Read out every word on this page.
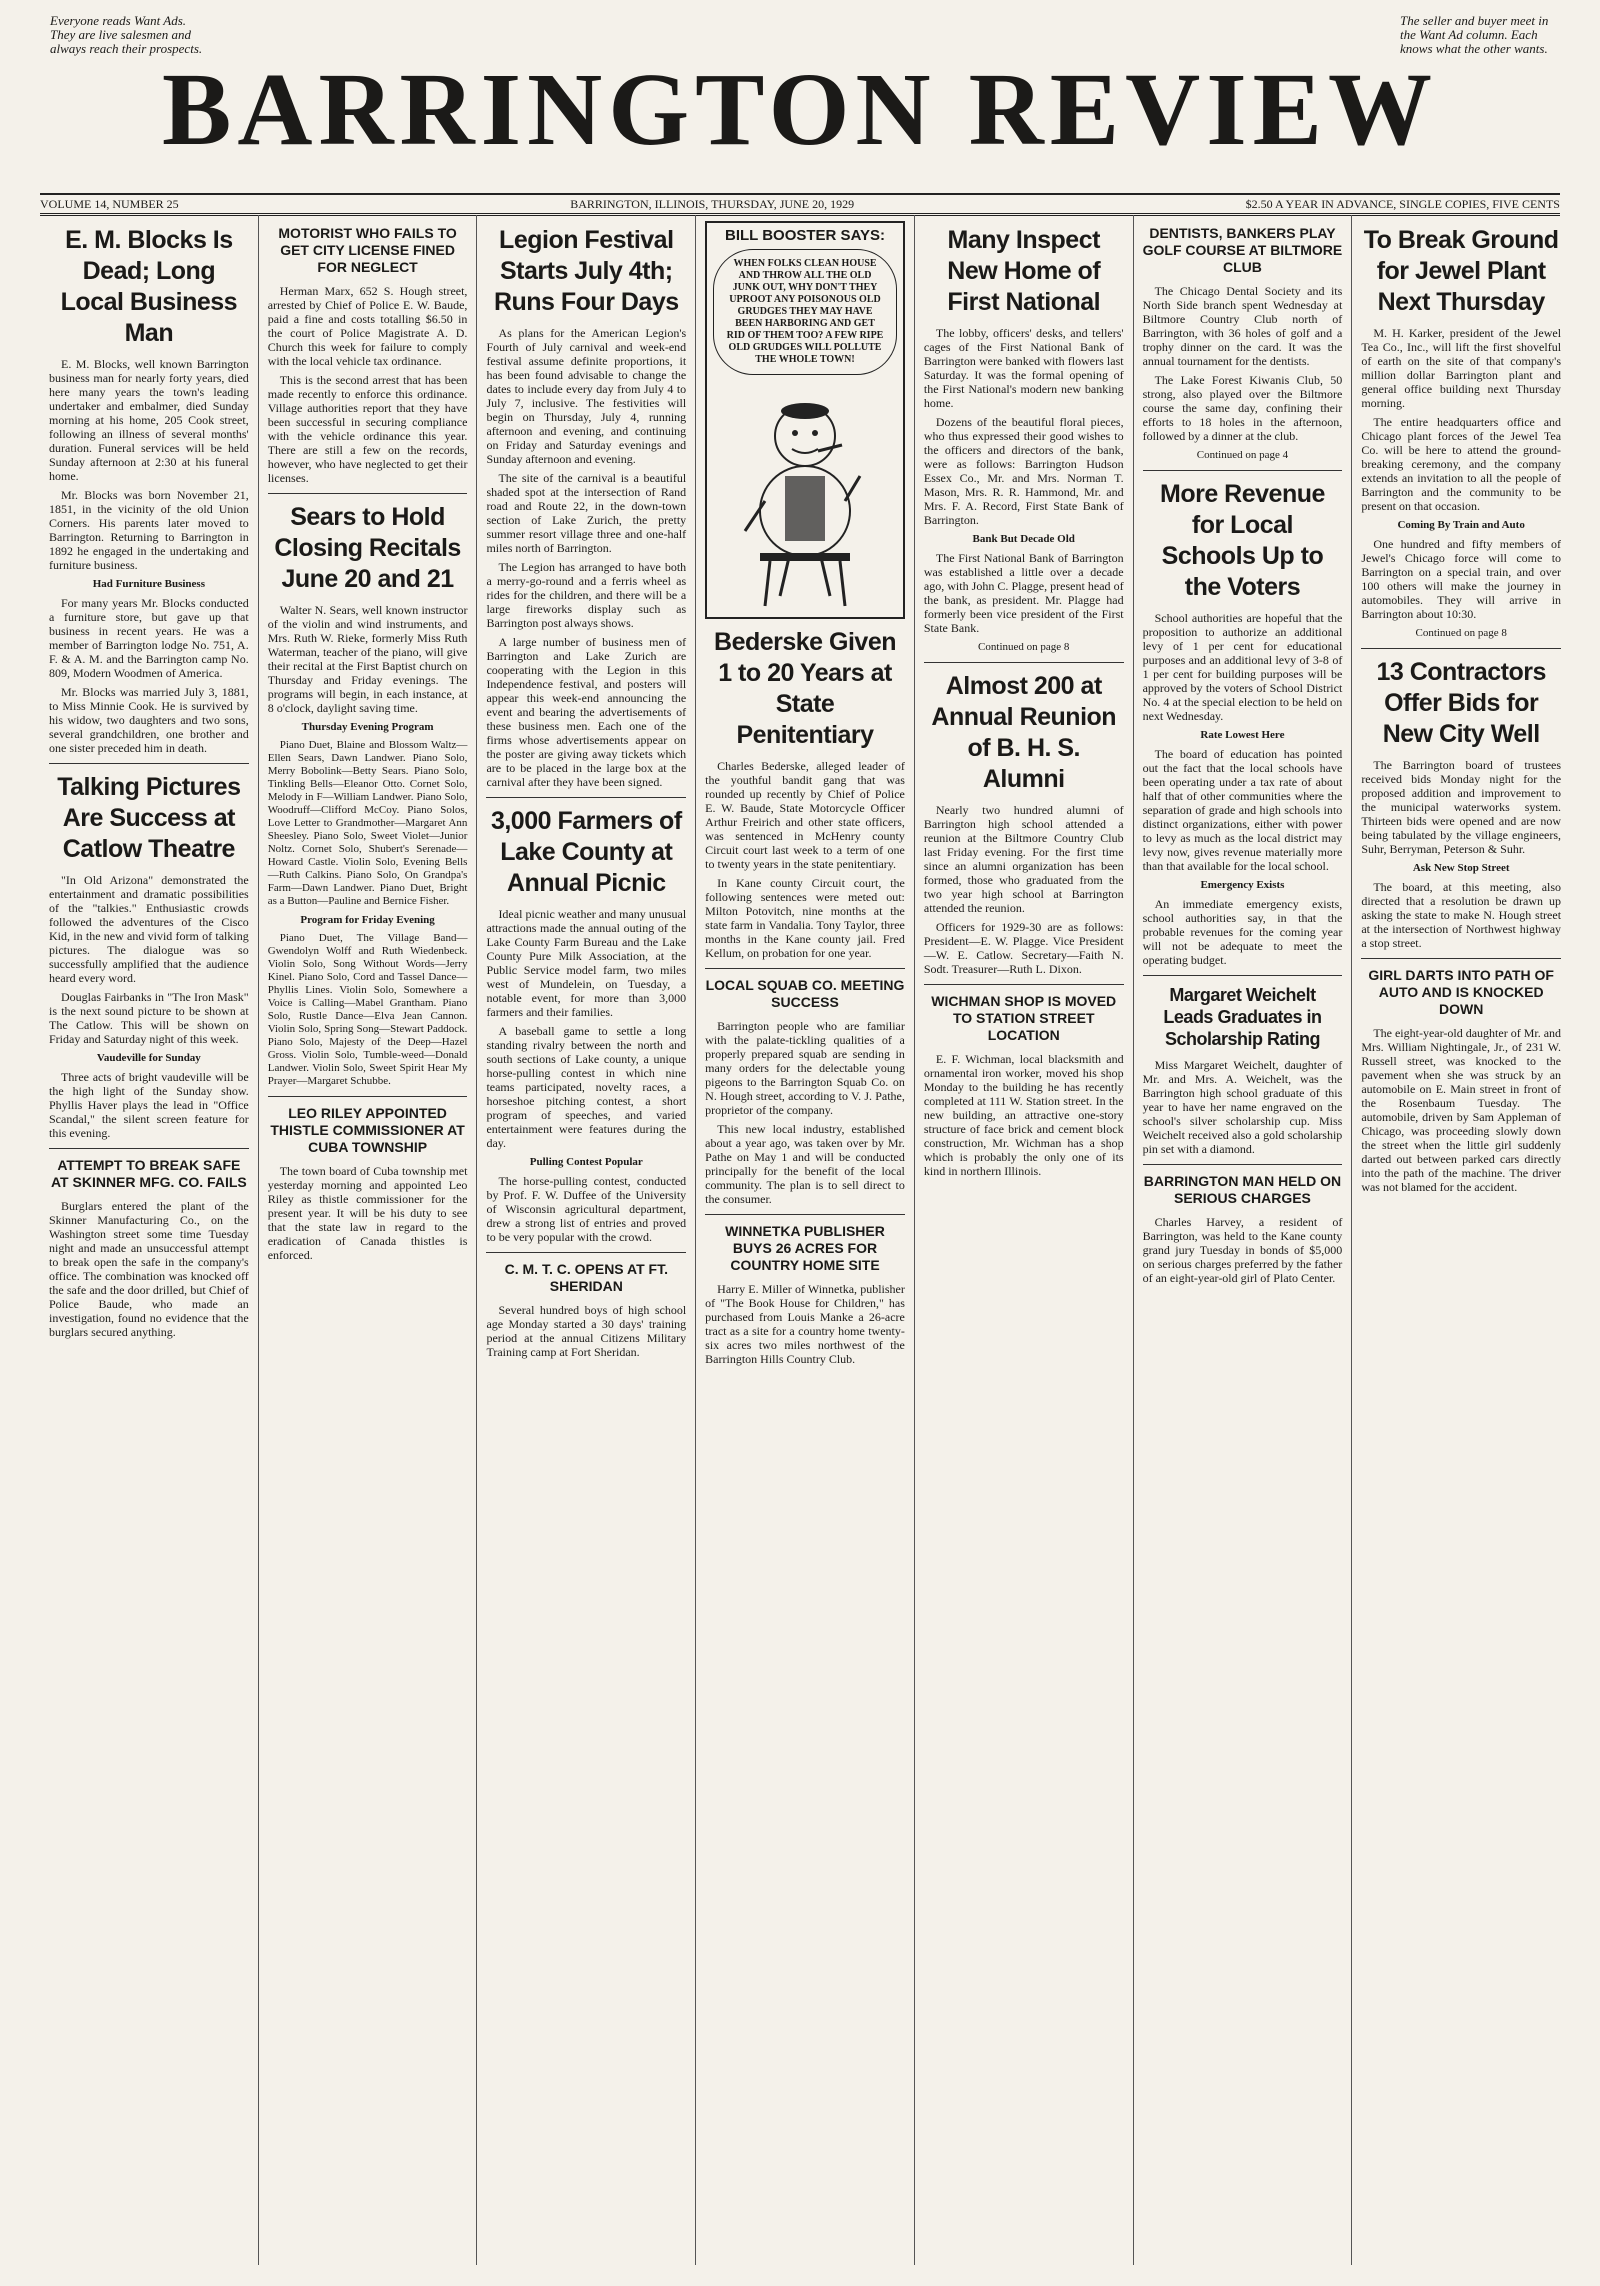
Everyone reads Want Ads. They are live salesmen and always reach their prospects.
BARRINGTON REVIEW
The seller and buyer meet in the Want Ad column. Each knows what the other wants.
VOLUME 14, NUMBER 25	BARRINGTON, ILLINOIS, THURSDAY, JUNE 20, 1929	$2.50 A YEAR IN ADVANCE, SINGLE COPIES, FIVE CENTS
E. M. Blocks Is Dead; Long Local Business Man

E. M. Blocks, well known Barrington business man for nearly forty years, died here many years the town's leading undertaker and embalmer, died Sunday morning at his home, 205 Cook street, following an illness of several months' duration. Funeral services will be held Sunday afternoon at 2:30 at his funeral home.

Mr. Blocks was born November 21, 1851, in the vicinity of the old Union Corners. His parents later moved to Barrington. Returning to Barrington in 1892 he engaged in the undertaking and furniture business.

Had Furniture Business

For many years Mr. Blocks conducted a furniture store, but gave up that business in recent years. He was a member of Barrington lodge No. 751, A. F. & A. M. and the Barrington camp No. 809, Modern Woodmen of America.

Mr. Blocks was married July 3, 1881, to Miss Minnie Cook. He is survived by his widow, two daughters and two sons, several grandchildren, one brother and one sister preceded him in death.

Talking Pictures Are Success at Catlow Theatre

"In Old Arizona" demonstrated the entertainment and dramatic possibilities of the "talkies." Enthusiastic crowds followed the adventures of the Cisco Kid, in the new and vivid form of talking pictures. The dialogue was so successfully amplified that the audience heard every word.

Douglas Fairbanks in "The Iron Mask" is the next sound picture to be shown at The Catlow. This will be shown on Friday and Saturday night of this week.

Vaudeville for Sunday

Three acts of bright vaudeville will be the high light of the Sunday show. Phyllis Haver plays the lead in "Office Scandal," the silent screen feature for this evening.

ATTEMPT TO BREAK SAFE AT SKINNER MFG. CO. FAILS

Burglars entered the plant of the Skinner Manufacturing Co., on the Washington street some time Tuesday night and made an unsuccessful attempt to break open the safe in the company's office. The combination was knocked off the safe and the door drilled, but Chief of Police Baude, who made an investigation, found no evidence that the burglars secured anything.

MOTORIST WHO FAILS TO GET CITY LICENSE FINED FOR NEGLECT

Herman Marx, 652 S. Hough street, arrested by Chief of Police E. W. Baude, paid a fine and costs totalling $6.50 in the court of Police Magistrate A. D. Church this week for failure to comply with the local vehicle tax ordinance.

This is the second arrest that has been made recently to enforce this ordinance. Village authorities report that they have been successful in securing compliance with the vehicle ordinance this year. There are still a few on the records, however, who have neglected to get their licenses.

Sears to Hold Closing Recitals June 20 and 21

Walter N. Sears, well known instructor of the violin and wind instruments, and Mrs. Ruth W. Rieke, formerly Miss Ruth Waterman, teacher of the piano, will give their recital at the First Baptist church on Thursday and Friday evenings. The programs will begin, in each instance, at 8 o'clock, daylight saving time.

Thursday Evening Program

Piano Duet, Blaine and Blossom Waltz—Ellen Sears, Dawn Landwer. Piano Solo, Merry Bobolink—Betty Sears. Piano Solo, Tinkling Bells—Eleanor Otto. Cornet Solo, Melody in F—William Landwer. Piano Solo, Woodruff—Clifford McCoy. Piano Solos, Love Letter to Grandmother—Margaret Ann Sheesley. Piano Solo, Sweet Violet—Junior Noltz. Cornet Solo, Shubert's Serenade—Howard Castle. Violin Solo, Evening Bells—Ruth Calkins. Piano Solo, On Grandpa's Farm—Dawn Landwer. Piano Duet, Bright as a Button—Pauline and Bernice Fisher.

Program for Friday Evening

Piano Duet, The Village Band—Gwendolyn Wolff and Ruth Wiedenbeck. Violin Solo, Song Without Words—Jerry Kinel. Piano Solo, Cord and Tassel Dance—Phyllis Lines. Violin Solo, Somewhere a Voice is Calling—Mabel Grantham. Piano Solo, Rustle Dance—Elva Jean Cannon. Violin Solo, Spring Song—Stewart Paddock. Piano Solo, Majesty of the Deep—Hazel Gross. Violin Solo, Tumble-weed—Donald Landwer. Violin Solo, Sweet Spirit Hear My Prayer—Margaret Schubbe.

LEO RILEY APPOINTED THISTLE COMMISSIONER AT CUBA TOWNSHIP

The town board of Cuba township met yesterday morning and appointed Leo Riley as thistle commissioner for the present year. It will be his duty to see that the state law in regard to the eradication of Canada thistles is enforced.

Legion Festival Starts July 4th; Runs Four Days

As plans for the American Legion's Fourth of July carnival and week-end festival assume definite proportions, it has been found advisable to change the dates to include every day from July 4 to July 7, inclusive. The festivities will begin on Thursday, July 4, running afternoon and evening, and continuing on Friday and Saturday evenings and Sunday afternoon and evening.

The site of the carnival is a beautiful shaded spot at the intersection of Rand road and Route 22, in the down-town section of Lake Zurich, the pretty summer resort village three and one-half miles north of Barrington.

The Legion has arranged to have both a merry-go-round and a ferris wheel as rides for the children, and there will be a large fireworks display such as Barrington post always shows.

A large number of business men of Barrington and Lake Zurich are cooperating with the Legion in this Independence festival, and posters will appear this week-end announcing the event and bearing the advertisements of these business men. Each one of the firms whose advertisements appear on the poster are giving away tickets which are to be placed in the large box at the carnival after they have been signed.

3,000 Farmers of Lake County at Annual Picnic

Ideal picnic weather and many unusual attractions made the annual outing of the Lake County Farm Bureau and the Lake County Pure Milk Association, at the Public Service model farm, two miles west of Mundelein, on Tuesday, a notable event, for more than 3,000 farmers and their families.

A baseball game to settle a long standing rivalry between the north and south sections of Lake county, a unique horse-pulling contest in which nine teams participated, novelty races, a horseshoe pitching contest, a short program of speeches, and varied entertainment were features during the day.

Pulling Contest Popular

The horse-pulling contest, conducted by Prof. F. W. Duffee of the University of Wisconsin agricultural department, drew a strong list of entries and proved to be very popular with the crowd.

C. M. T. C. OPENS AT FT. SHERIDAN

Several hundred boys of high school age Monday started a 30 days' training period at the annual Citizens Military Training camp at Fort Sheridan.

BILL BOOSTER SAYS:
WHEN FOLKS CLEAN HOUSE AND THROW ALL THE OLD JUNK OUT, WHY DON'T THEY UPROOT ANY POISONOUS OLD GRUDGES THEY MAY HAVE BEEN HARBORING AND GET RID OF THEM TOO? A FEW RIPE OLD GRUDGES WILL POLLUTE THE WHOLE TOWN!
Bederske Given 1 to 20 Years at State Penitentiary

Charles Bederske, alleged leader of the youthful bandit gang that was rounded up recently by Chief of Police E. W. Baude, State Motorcycle Officer Arthur Freirich and other state officers, was sentenced in McHenry county Circuit court last week to a term of one to twenty years in the state penitentiary.

In Kane county Circuit court, the following sentences were meted out: Milton Potovitch, nine months at the state farm in Vandalia. Tony Taylor, three months in the Kane county jail. Fred Kellum, on probation for one year.

LOCAL SQUAB CO. MEETING SUCCESS

Barrington people who are familiar with the palate-tickling qualities of a properly prepared squab are sending in many orders for the delectable young pigeons to the Barrington Squab Co. on N. Hough street, according to V. J. Pathe, proprietor of the company.

This new local industry, established about a year ago, was taken over by Mr. Pathe on May 1 and will be conducted principally for the benefit of the local community. The plan is to sell direct to the consumer.

WINNETKA PUBLISHER BUYS 26 ACRES FOR COUNTRY HOME SITE

Harry E. Miller of Winnetka, publisher of "The Book House for Children," has purchased from Louis Manke a 26-acre tract as a site for a country home twenty-six acres two miles northwest of the Barrington Hills Country Club.

Many Inspect New Home of First National

The lobby, officers' desks, and tellers' cages of the First National Bank of Barrington were banked with flowers last Saturday. It was the formal opening of the First National's modern new banking home.

Dozens of the beautiful floral pieces, who thus expressed their good wishes to the officers and directors of the bank, were as follows: Barrington Hudson Essex Co., Mr. and Mrs. Norman T. Mason, Mrs. R. R. Hammond, Mr. and Mrs. F. A. Record, First State Bank of Barrington.

Bank But Decade Old

The First National Bank of Barrington was established a little over a decade ago, with John C. Plagge, present head of the bank, as president. Mr. Plagge had formerly been vice president of the First State Bank.

Continued on page 8
Almost 200 at Annual Reunion of B. H. S. Alumni

Nearly two hundred alumni of Barrington high school attended a reunion at the Biltmore Country Club last Friday evening. For the first time since an alumni organization has been formed, those who graduated from the two year high school at Barrington attended the reunion.

Officers for 1929-30 are as follows: President—E. W. Plagge. Vice President—W. E. Catlow. Secretary—Faith N. Sodt. Treasurer—Ruth L. Dixon.

WICHMAN SHOP IS MOVED TO STATION STREET LOCATION

E. F. Wichman, local blacksmith and ornamental iron worker, moved his shop Monday to the building he has recently completed at 111 W. Station street. In the new building, an attractive one-story structure of face brick and cement block construction, Mr. Wichman has a shop which is probably the only one of its kind in northern Illinois.

DENTISTS, BANKERS PLAY GOLF COURSE AT BILTMORE CLUB

The Chicago Dental Society and its North Side branch spent Wednesday at Biltmore Country Club north of Barrington, with 36 holes of golf and a trophy dinner on the card. It was the annual tournament for the dentists.

The Lake Forest Kiwanis Club, 50 strong, also played over the Biltmore course the same day, confining their efforts to 18 holes in the afternoon, followed by a dinner at the club.

Continued on page 4
More Revenue for Local Schools Up to the Voters

School authorities are hopeful that the proposition to authorize an additional levy of 1 per cent for educational purposes and an additional levy of 3-8 of 1 per cent for building purposes will be approved by the voters of School District No. 4 at the special election to be held on next Wednesday.

Rate Lowest Here

The board of education has pointed out the fact that the local schools have been operating under a tax rate of about half that of other communities where the separation of grade and high schools into distinct organizations, either with power to levy as much as the local district may levy now, gives revenue materially more than that available for the local school.

Emergency Exists

An immediate emergency exists, school authorities say, in that the probable revenues for the coming year will not be adequate to meet the operating budget.

Margaret Weichelt Leads Graduates in Scholarship Rating

Miss Margaret Weichelt, daughter of Mr. and Mrs. A. Weichelt, was the Barrington high school graduate of this year to have her name engraved on the school's silver scholarship cup. Miss Weichelt received also a gold scholarship pin set with a diamond.

BARRINGTON MAN HELD ON SERIOUS CHARGES

Charles Harvey, a resident of Barrington, was held to the Kane county grand jury Tuesday in bonds of $5,000 on serious charges preferred by the father of an eight-year-old girl of Plato Center.

To Break Ground for Jewel Plant Next Thursday

M. H. Karker, president of the Jewel Tea Co., Inc., will lift the first shovelful of earth on the site of that company's million dollar Barrington plant and general office building next Thursday morning.

The entire headquarters office and Chicago plant forces of the Jewel Tea Co. will be here to attend the ground-breaking ceremony, and the company extends an invitation to all the people of Barrington and the community to be present on that occasion.

Coming By Train and Auto

One hundred and fifty members of Jewel's Chicago force will come to Barrington on a special train, and over 100 others will make the journey in automobiles. They will arrive in Barrington about 10:30.

Continued on page 8
13 Contractors Offer Bids for New City Well

The Barrington board of trustees received bids Monday night for the proposed addition and improvement to the municipal waterworks system. Thirteen bids were opened and are now being tabulated by the village engineers, Suhr, Berryman, Peterson & Suhr.

Ask New Stop Street

The board, at this meeting, also directed that a resolution be drawn up asking the state to make N. Hough street at the intersection of Northwest highway a stop street.

GIRL DARTS INTO PATH OF AUTO AND IS KNOCKED DOWN

The eight-year-old daughter of Mr. and Mrs. William Nightingale, Jr., of 231 W. Russell street, was knocked to the pavement when she was struck by an automobile on E. Main street in front of the Rosenbaum Tuesday. The automobile, driven by Sam Appleman of Chicago, was proceeding slowly down the street when the little girl suddenly darted out between parked cars directly into the path of the machine. The driver was not blamed for the accident.
